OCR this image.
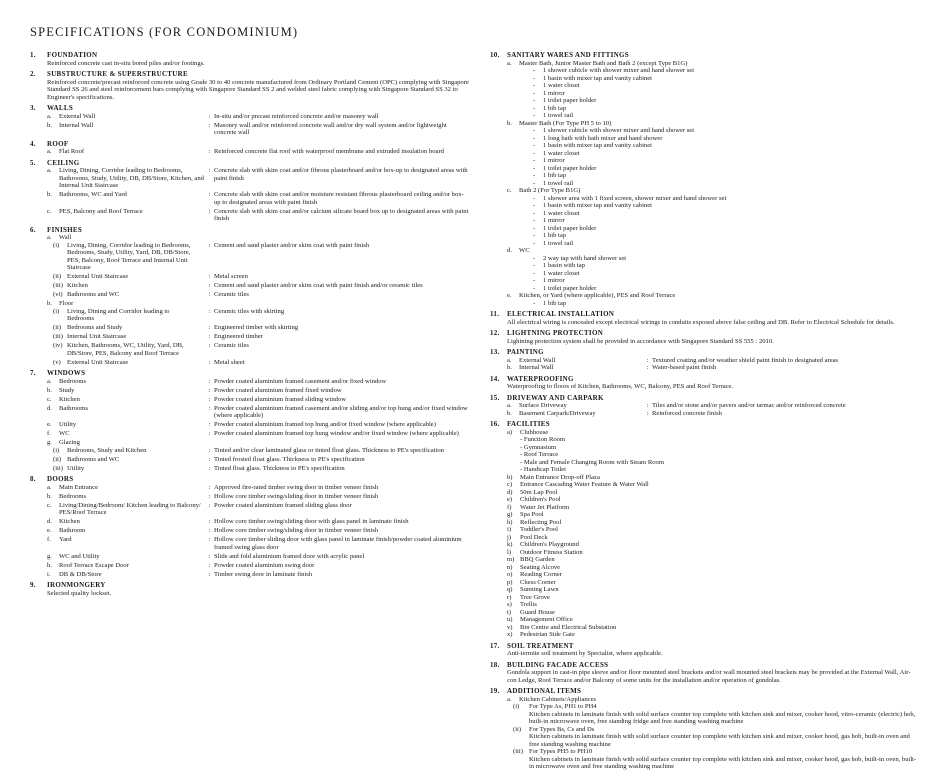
SPECIFICATIONS (FOR CONDOMINIUM)
1.	FOUNDATION
Reinforced concrete cast in-situ bored piles and/or footings.
2.	SUBSTRUCTURE & SUPERSTRUCTURE
Reinforced concrete/precast reinforced concrete using Grade 30 to 40 concrete manufactured from Ordinary Portland Cement (OPC) complying with Singapore Standard SS 26 and steel reinforcement bars complying with Singapore Standard SS 2 and welded steel fabric complying with Singapore Standard SS 32 to Engineer's specifications.
3.	WALLS
a.	External Wall	: In-situ and/or precast reinforced concrete and/or masonry wall
b.	Internal Wall	: Masonry wall and/or reinforced concrete wall and/or dry wall system and/or lightweight concrete wall
4.	ROOF
a.	Flat Roof	: Reinforced concrete flat roof with waterproof membrane and extruded insulation board
5.	CEILING
a.	Living, Dining, Corridor leading to Bedrooms, Bathrooms, Study, Utility, DB, DB/Store, Kitchen, and Internal Unit Staircase
: Concrete slab with skim coat and/or fibrous plasterboard and/or box-up to designated areas with paint finish
b.	Bathrooms, WC and Yard	: Concrete slab with skim coat and/or moisture resistant fibrous plasterboard ceiling and/or box-up to designated areas with paint finish
c.	PES, Balcony and Roof Terrace	: Concrete slab with skim coat and/or calcium silicate board box up to designated areas with paint finish
6.	FINISHES
a.	Wall
(i)	Living, Dining, Corridor leading to Bedrooms, Bedrooms, Study, Utility, Yard, DB, DB/Store, PES, Balcony, Roof Terrace and Internal Unit Staircase
: Cement and sand plaster and/or skim coat with paint finish
(ii) External Unit Staircase	: Metal screen
(iii) Kitchen	: Cement and sand plaster and/or skim coat with paint finish and/or ceramic tiles
(vi) Bathrooms and WC	: Ceramic tiles
b.	Floor
(i)	Living, Dining and Corridor leading to Bedrooms
: Ceramic tiles with skirting
(ii) Bedrooms and Study	: Engineered timber with skirting
(iii) Internal Unit Staircase	: Engineered timber
(iv) Kitchen, Bathrooms, WC, Utility, Yard, DB, DB/Store, PES, Balcony and Roof Terrace
: Ceramic tiles
(v) External Unit Staircase	: Metal sheet
7.	WINDOWS
a.	Bedrooms	: Powder coated aluminium framed casement and/or fixed window
b.	Study	: Powder coated aluminium framed fixed window
c.	Kitchen	: Powder coated aluminium framed sliding window
d.	Bathrooms	: Powder coated aluminium framed casement and/or sliding and/or top hung and/or fixed window (where applicable)
e.	Utility	: Powder coated aluminium framed top hung and/or fixed window (where applicable)
f.	WC	: Powder coated aluminium framed top hung window and/or fixed window (where applicable)
g.	Glazing
(i)	Bedrooms, Study and Kitchen	: Tinted and/or clear laminated glass or tinted float glass. Thickness to PE's specification
(ii) Bathrooms and WC	: Tinted frosted float glass. Thickness to PE's specification
(iii) Utility	: Tinted float glass. Thickness to PE's specification
8.	DOORS
a.	Main Entrance	: Approved fire-rated timber swing door in timber veneer finish
b.	Bedrooms	: Hollow core timber swing/sliding door in timber veneer finish
c.	Living/Dining/Bedroom/ Kitchen leading to Balcony/ PES/Roof Terrace
: Powder coated aluminium framed sliding glass door
d.	Kitchen	: Hollow core timber swing/sliding door with glass panel in laminate finish
e.	Bathroom	: Hollow core timber swing/sliding door in timber veneer finish
f.	Yard	: Hollow core timber sliding door with glass panel in laminate finish/powder coated aluminium framed swing glass door
g.	WC and Utility	: Slide and fold aluminium framed door with acrylic panel
h.	Roof Terrace Escape Door	: Powder coated aluminium swing door
i.	DB & DB/Store	: Timber swing door in laminate finish
9.	IRONMONGERY
Selected quality lockset.
10.	SANITARY WARES AND FITTINGS
a.	Master Bath, Junior Master Bath and Bath 2 (except Type B1G)
-	1 shower cubicle with shower mixer and hand shower set
-	1 basin with mixer tap and vanity cabinet
-	1 water closet
-	1 mirror
-	1 toilet paper holder
-	1 bib tap
-	1 towel rail
b.	Master Bath (For Type PH 5 to 10)
-	1 shower cubicle with shower mixer and hand shower set
-	1 long bath with bath mixer and hand shower
-	1 basin with mixer tap and vanity cabinet
-	1 water closet
-	1 mirror
-	1 toilet paper holder
-	1 bib tap
-	1 towel rail
c.	Bath 2 (For Type B1G)
-	1 shower area with 1 fixed screen, shower mixer and hand shower set
-	1 basin with mixer tap and vanity cabinet
-	1 water closet
-	1 mirror
-	1 toilet paper holder
-	1 bib tap
-	1 towel rail
d.	WC
-	2 way tap with hand shower set
-	1 basin with tap
-	1 water closet
-	1 mirror
-	1 toilet paper holder
e.	Kitchen, or Yard (where applicable), PES and Roof Terrace
-	1 bib tap
11.	ELECTRICAL INSTALLATION
All electrical wiring is concealed except electrical wirings in conduits exposed above false ceiling and DB. Refer to Electrical Schedule for details.
12.	LIGHTNING PROTECTION
Lightning protection system shall be provided in accordance with Singapore Standard SS 555 : 2010.
13.	PAINTING
a.	External Wall	: Textured coating and/or weather shield paint finish to designated areas
b.	Internal Wall	: Water-based paint finish
14.	WATERPROOFING
Waterproofing to floors of Kitchen, Bathrooms, WC, Balcony, PES and Roof Terrace.
15.	DRIVEWAY AND CARPARK
a.	Surface Driveway	: Tiles and/or stone and/or pavers and/or tarmac and/or reinforced concrete
b.	Basement Carpark/Driveway	: Reinforced concrete finish
16.	FACILITIES
a)	Clubhouse
- Function Room
- Gymnasium
- Roof Terrace
- Male and Female Changing Room with Steam Room
- Handicap Toilet
b)	Main Entrance Drop-off Plaza
c)	Entrance Cascading Water Feature & Water Wall
d)	50m Lap Pool
e)	Children's Pool
f)	Water Jet Platform
g)	Spa Pool
h)	Reflecting Pool
i)	Toddler's Pool
j)	Pool Deck
k)	Children's Playground
l)	Outdoor Fitness Station
m) BBQ Garden
n)	Seating Alcove
o)	Reading Corner
p)	Chess Corner
q)	Sunning Lawn
r)	Tree Grove
s)	Trellis
t)	Guard House
u)	Management Office
v)	Bin Centre and Electrical Substation
x)	Pedestrian Side Gate
17.	SOIL TREATMENT
Anti-termite soil treatment by Specialist, where applicable.
18.	BUILDING FACADE ACCESS
Gondola support in cast-in pipe sleeve and/or floor mounted steel brackets and/or wall mounted steel brackets may be provided at the External Wall, Air-con Ledge, Roof Terrace and/or Balcony of some units for the installation and/or operation of gondolas.
19.	ADDITIONAL ITEMS
a.	Kitchen Cabinets/Appliances
(i)	For Type As, PH1 to PH4
Kitchen cabinets in laminate finish with solid surface counter top complete with kitchen sink and mixer, cooker hood, vitro-ceramic (electric) hob, built-in microwave oven, free standing fridge and free standing washing machine
(ii)	For Types Bs, Cs and Ds
Kitchen cabinets in laminate finish with solid surface counter top complete with kitchen sink and mixer, cooker hood, gas hob, built-in oven and free standing washing machine
(iii) For Types PH5 to PH10
Kitchen cabinets in laminate finish with solid surface counter top complete with kitchen sink and mixer, cooker hood, gas hob, built-in oven, built-in microwave oven and free standing washing machine
